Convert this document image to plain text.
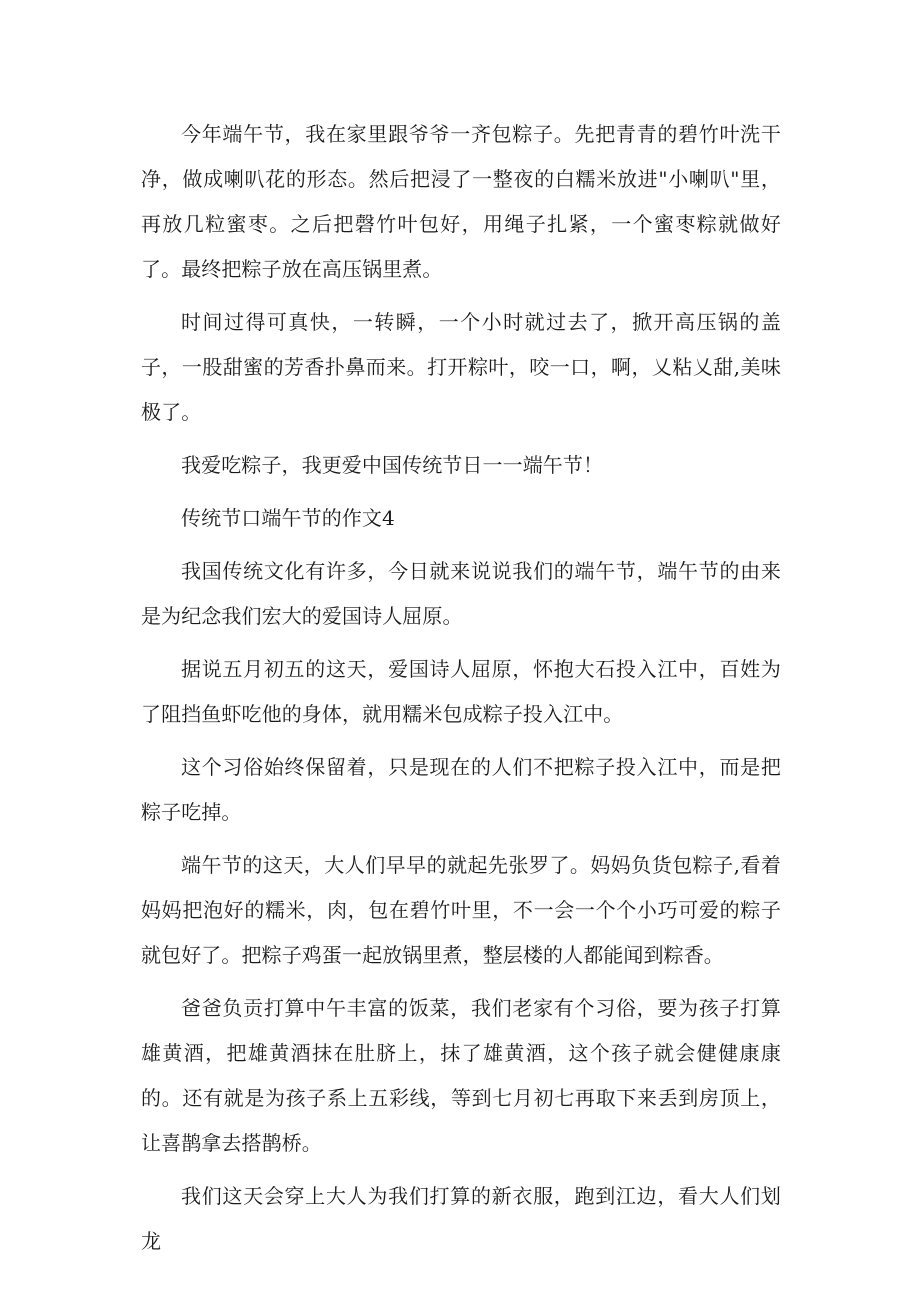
今年端午节，我在家里跟爷爷一齐包粽子。先把青青的碧竹叶洗干净，做成喇叭花的形态。然后把浸了一整夜的白糯米放进"小喇叭"里，再放几粒蜜枣。之后把磬竹叶包好，用绳子扎紧，一个蜜枣粽就做好了。最终把粽子放在高压锅里煮。

时间过得可真快，一转瞬，一个小时就过去了，掀开高压锅的盖子，一股甜蜜的芳香扑鼻而来。打开粽叶，咬一口，啊，乂粘乂甜,美味极了。

我爱吃粽子，我更爱中国传统节日一一端午节！

传统节口端午节的作文4

我国传统文化有许多，今日就来说说我们的端午节，端午节的由来是为纪念我们宏大的爱国诗人屈原。

据说五月初五的这天，爱国诗人屈原，怀抱大石投入江中，百姓为了阻挡鱼虾吃他的身体，就用糯米包成粽子投入江中。

这个习俗始终保留着，只是现在的人们不把粽子投入江中，而是把粽子吃掉。

端午节的这天，大人们早早的就起先张罗了。妈妈负货包粽子,看着妈妈把泡好的糯米，肉，包在碧竹叶里，不一会一个个小巧可爱的粽子就包好了。把粽子鸡蛋一起放锅里煮，整层楼的人都能闻到粽香。

爸爸负贡打算中午丰富的饭菜，我们老家有个习俗，要为孩子打算雄黄酒，把雄黄酒抹在肚脐上，抹了雄黄酒，这个孩子就会健健康康的。还有就是为孩子系上五彩线，等到七月初七再取下来丢到房顶上，让喜鹊拿去搭鹊桥。

我们这天会穿上大人为我们打算的新衣服，跑到江边，看大人们划龙
